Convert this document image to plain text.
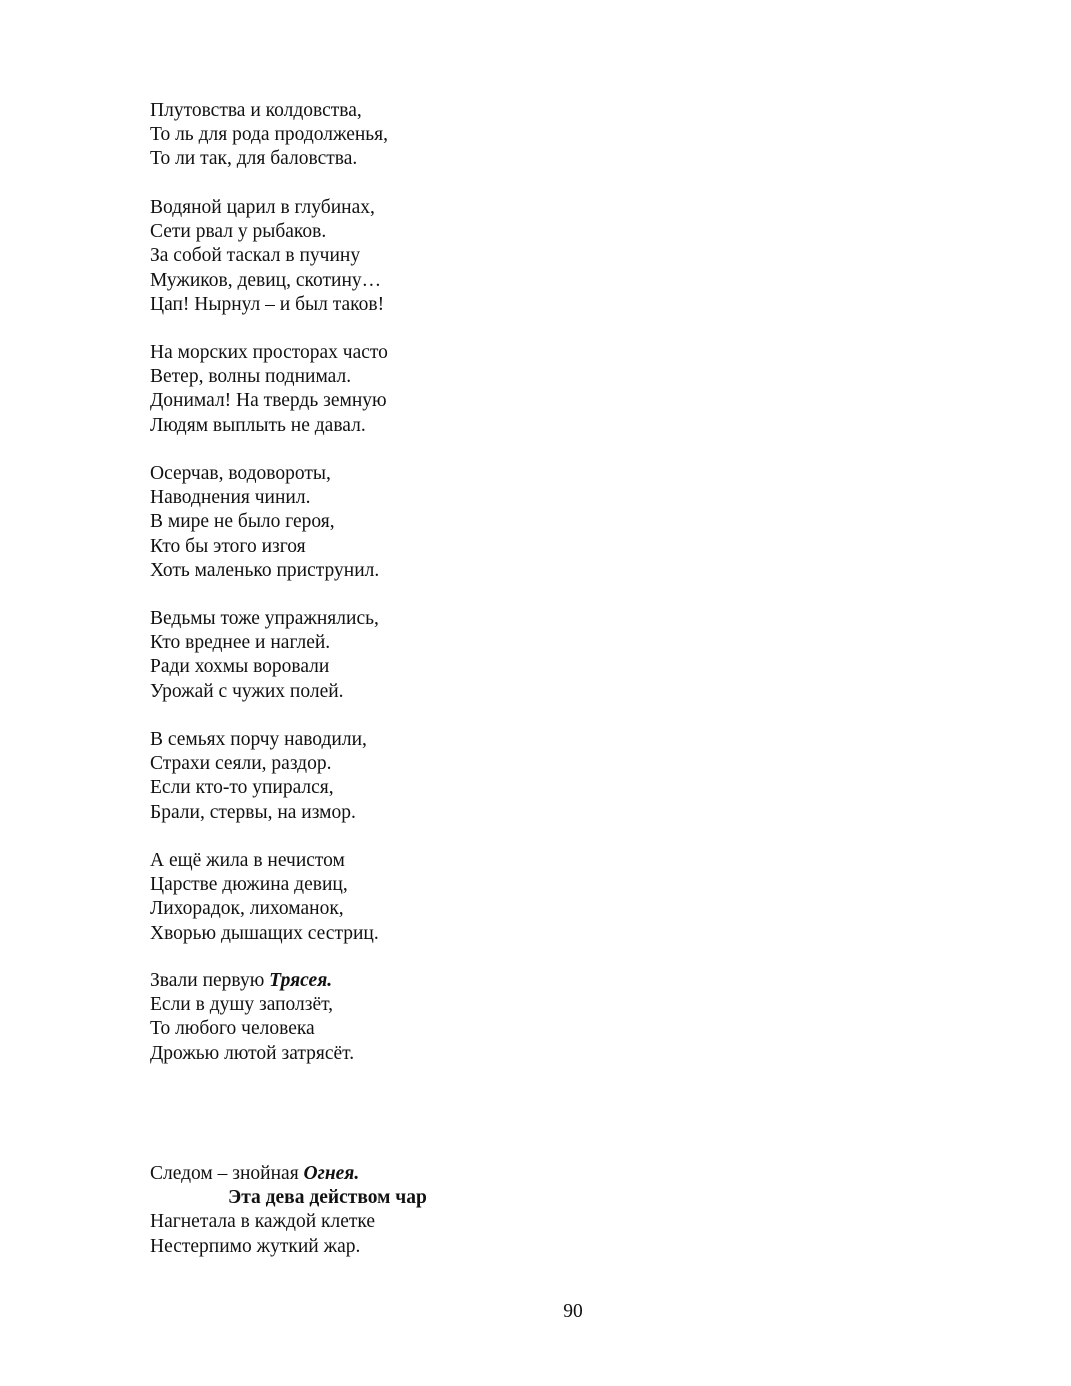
Плутовства и колдовства,
То ль для рода продолженья,
То ли так, для баловства.
Водяной царил в глубинах,
Сети рвал у рыбаков.
За собой таскал в пучину
Мужиков, девиц, скотину…
Цап! Нырнул – и был таков!
На морских просторах часто
Ветер, волны поднимал.
Донимал! На твердь земную
Людям выплыть не давал.
Осерчав, водовороты,
Наводнения чинил.
В мире не было героя,
Кто бы этого изгоя
Хоть маленько приструнил.
Ведьмы тоже упражнялись,
Кто вреднее и наглей.
Ради хохмы воровали
Урожай с чужих полей.
В семьях порчу наводили,
Страхи сеяли, раздор.
Если кто-то упирался,
Брали, стервы, на измор.
А ещё жила в нечистом
Царстве дюжина девиц,
Лихорадок, лихоманок,
Хворью дышащих сестриц.
Звали первую Трясея.
Если в душу заползёт,
То любого человека
Дрожью лютой затрясёт.
Следом – знойная Огнея.
Эта дева действом чар
Нагнетала в каждой клетке
Нестерпимо жуткий жар.
90
